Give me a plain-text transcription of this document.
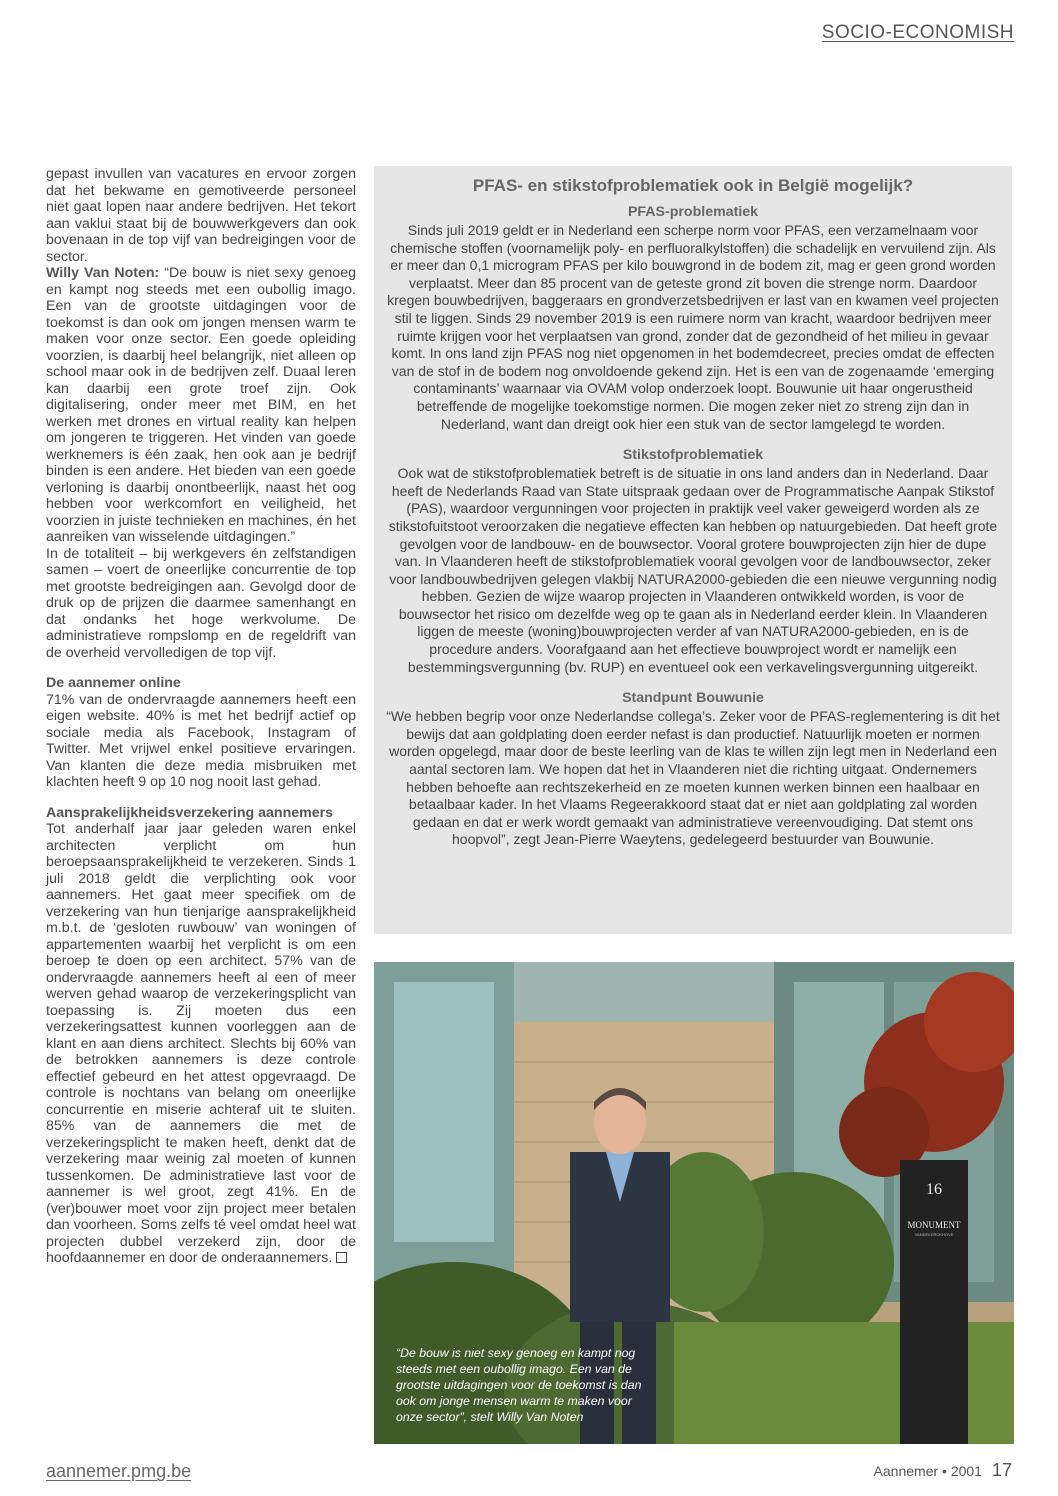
SOCIO-ECONOMISH

gepast invullen van vacatures en ervoor zorgen dat het bekwame en gemotiveerde personeel niet gaat lopen naar andere bedrijven. Het tekort aan vaklui staat bij de bouwwerkgevers dan ook bovenaan in de top vijf van bedreigingen voor de sector.

Willy Van Noten: “De bouw is niet sexy genoeg en kampt nog steeds met een oubollig imago. Een van de grootste uitdagingen voor de toekomst is dan ook om jongen mensen warm te maken voor onze sector. Een goede opleiding voorzien, is daarbij heel belangrijk, niet alleen op school maar ook in de bedrijven zelf. Duaal leren kan daarbij een grote troef zijn. Ook digitalisering, onder meer met BIM, en het werken met drones en virtual reality kan helpen om jongeren te triggeren. Het vinden van goede werknemers is één zaak, hen ook aan je bedrijf binden is een andere. Het bieden van een goede verloning is daarbij onontbeerlijk, naast het oog hebben voor werkcomfort en veiligheid, het voorzien in juiste technieken en machines, én het aanreiken van wisselende uitdagingen.”

In de totaliteit – bij werkgevers én zelfstandigen samen – voert de oneerlijke concurrentie de top met grootste bedreigingen aan. Gevolgd door de druk op de prijzen die daarmee samenhangt en dat ondanks het hoge werkvolume. De administratieve rompslomp en de regeldrift van de overheid vervolledigen de top vijf.

De aannemer online

71% van de ondervraagde aannemers heeft een eigen website. 40% is met het bedrijf actief op sociale media als Facebook, Instagram of Twitter. Met vrijwel enkel positieve ervaringen. Van klanten die deze media misbruiken met klachten heeft 9 op 10 nog nooit last gehad.

Aansprakelijkheidsverzekering aannemers

Tot anderhalf jaar jaar geleden waren enkel architecten verplicht om hun beroepsaansprakelijkheid te verzekeren. Sinds 1 juli 2018 geldt die verplichting ook voor aannemers. Het gaat meer specifiek om de verzekering van hun tienjarige aansprakelijkheid m.b.t. de ‘gesloten ruwbouw’ van woningen of appartementen waarbij het verplicht is om een beroep te doen op een architect. 57% van de ondervraagde aannemers heeft al een of meer werven gehad waarop de verzekeringsplicht van toepassing is. Zij moeten dus een verzekeringsattest kunnen voorleggen aan de klant en aan diens architect. Slechts bij 60% van de betrokken aannemers is deze controle effectief gebeurd en het attest opgevraagd. De controle is nochtans van belang om oneerlijke concurrentie en miserie achteraf uit te sluiten. 85% van de aannemers die met de verzekeringsplicht te maken heeft, denkt dat de verzekering maar weinig zal moeten of kunnen tussenkomen. De administratieve last voor de aannemer is wel groot, zegt 41%. En de (ver)bouwer moet voor zijn project meer betalen dan voorheen. Soms zelfs té veel omdat heel wat projecten dubbel verzekerd zijn, door de hoofdaannemer en door de onderaannemers.

PFAS- en stikstofproblematiek ook in België mogelijk?
PFAS-problematiek

Sinds juli 2019 geldt er in Nederland een scherpe norm voor PFAS, een verzamelnaam voor chemische stoffen (voornamelijk poly- en perfluoralkylstoffen) die schadelijk en vervuilend zijn. Als er meer dan 0,1 microgram PFAS per kilo bouwgrond in de bodem zit, mag er geen grond worden verplaatst. Meer dan 85 procent van de geteste grond zit boven die strenge norm. Daardoor kregen bouwbedrijven, baggeraars en grondverzetsbedrijven er last van en kwamen veel projecten stil te liggen. Sinds 29 november 2019 is een ruimere norm van kracht, waardoor bedrijven meer ruimte krijgen voor het verplaatsen van grond, zonder dat de gezondheid of het milieu in gevaar komt. In ons land zijn PFAS nog niet opgenomen in het bodemdecreet, precies omdat de effecten van de stof in de bodem nog onvoldoende gekend zijn. Het is een van de zogenaamde ‘emerging contaminants’ waarnaar via OVAM volop onderzoek loopt. Bouwunie uit haar ongerustheid betreffende de mogelijke toekomstige normen. Die mogen zeker niet zo streng zijn dan in Nederland, want dan dreigt ook hier een stuk van de sector lamgelegd te worden.

Stikstofproblematiek

Ook wat de stikstofproblematiek betreft is de situatie in ons land anders dan in Nederland. Daar heeft de Nederlands Raad van State uitspraak gedaan over de Programmatische Aanpak Stikstof (PAS), waardoor vergunningen voor projecten in praktijk veel vaker geweigerd worden als ze stikstofuitstoot veroorzaken die negatieve effecten kan hebben op natuurgebieden. Dat heeft grote gevolgen voor de landbouw- en de bouwsector. Vooral grotere bouwprojecten zijn hier de dupe van. In Vlaanderen heeft de stikstofproblematiek vooral gevolgen voor de landbouwsector, zeker voor landbouwbedrijven gelegen vlakbij NATURA2000-gebieden die een nieuwe vergunning nodig hebben. Gezien de wijze waarop projecten in Vlaanderen ontwikkeld worden, is voor de bouwsector het risico om dezelfde weg op te gaan als in Nederland eerder klein. In Vlaanderen liggen de meeste (woning)bouwprojecten verder af van NATURA2000-gebieden, en is de procedure anders. Voorafgaand aan het effectieve bouwproject wordt er namelijk een bestemmingsvergunning (bv. RUP) en eventueel ook een verkavelingsvergunning uitgereikt.

Standpunt Bouwunie

“We hebben begrip voor onze Nederlandse collega’s. Zeker voor de PFAS-reglementering is dit het bewijs dat aan goldplating doen eerder nefast is dan productief. Natuurlijk moeten er normen worden opgelegd, maar door de beste leerling van de klas te willen zijn legt men in Nederland een aantal sectoren lam. We hopen dat het in Vlaanderen niet die richting uitgaat. Ondernemers hebben behoefte aan rechtszekerheid en ze moeten kunnen werken binnen een haalbaar en betaalbaar kader. In het Vlaams Regeerakkoord staat dat er niet aan goldplating zal worden gedaan en dat er werk wordt gemaakt van administratieve vereenvoudiging. Dat stemt ons hoopvol”, zegt Jean-Pierre Waeytens, gedelegeerd bestuurder van Bouwunie.

16
MONUMENT
VANDEKERCKHOVE
“De bouw is niet sexy genoeg en kampt nog steeds met een oubollig imago. Een van de grootste uitdagingen voor de toekomst is dan ook om jonge mensen warm te maken voor onze sector”, stelt Willy Van Noten
aannemer.pmg.be	Aannemer • 2001 17
